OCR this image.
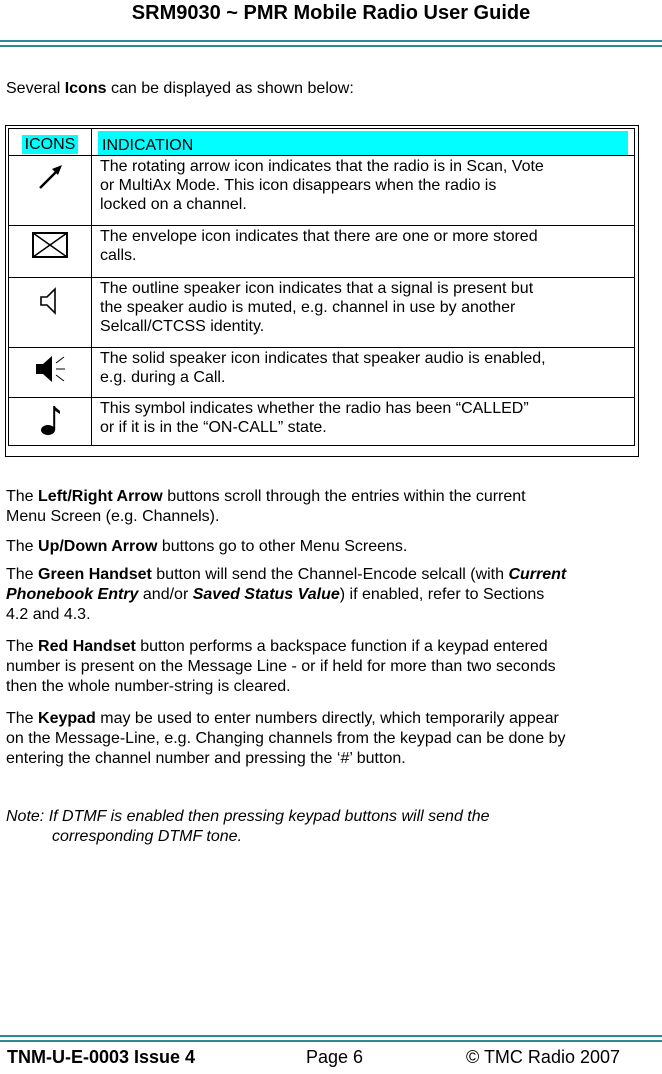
SRM9030 ~ PMR Mobile Radio User Guide
Several Icons can be displayed as shown below:
ICONS	INDICATION

The rotating arrow icon indicates that the radio is in Scan, Vote
or MultiAx Mode. This icon disappears when the radio is
locked on a channel.

The envelope icon indicates that there are one or more stored
calls.

The outline speaker icon indicates that a signal is present but
the speaker audio is muted, e.g. channel in use by another
Selcall/CTCSS identity.

The solid speaker icon indicates that speaker audio is enabled,
e.g. during a Call.

This symbol indicates whether the radio has been “CALLED”
or if it is in the “ON-CALL” state.
The Left/Right Arrow buttons scroll through the entries within the current
Menu Screen (e.g. Channels).
The Up/Down Arrow buttons go to other Menu Screens.
The Green Handset button will send the Channel-Encode selcall (with Current
Phonebook Entry and/or Saved Status Value) if enabled, refer to Sections
4.2 and 4.3.
The Red Handset button performs a backspace function if a keypad entered
number is present on the Message Line - or if held for more than two seconds
then the whole number-string is cleared.
The Keypad may be used to enter numbers directly, which temporarily appear
on the Message-Line, e.g. Changing channels from the keypad can be done by
entering the channel number and pressing the ‘#’ button.
Note: If DTMF is enabled then pressing keypad buttons will send the
corresponding DTMF tone.
TNM-U-E-0003 Issue 4	Page 6	© TMC Radio 2007
